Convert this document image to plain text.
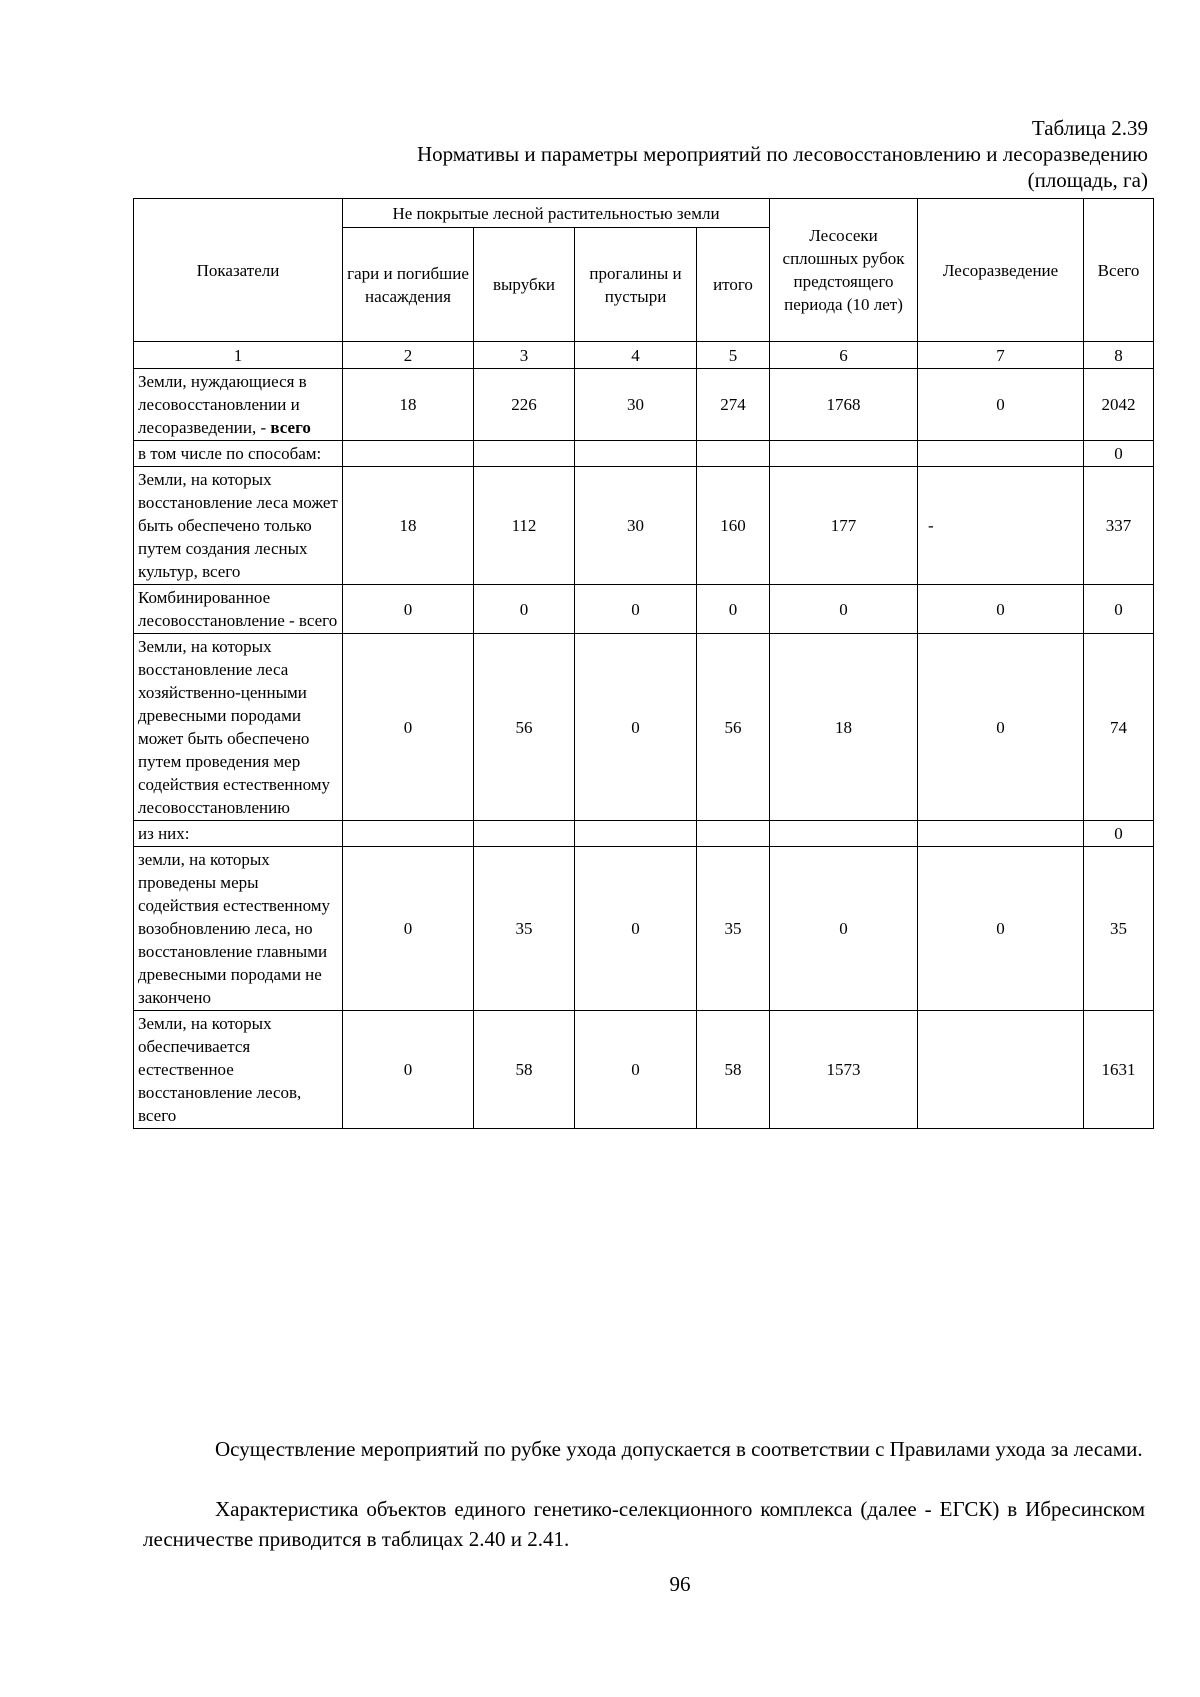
Таблица 2.39
Нормативы и параметры мероприятий по лесовосстановлению и лесоразведению
(площадь, га)
Показатели	Не покрытые лесной растительностью земли				Лесосеки сплошных рубок предстоящего периода (10 лет)	Лесоразведение	Всего
	гари и погибшие насаждения	вырубки	прогалины и пустыри	итого			
1	2	3	4	5	6	7	8
Земли, нуждающиеся в лесовосстановлении и лесоразведении, - всего	18	226	30	274	1768	0	2042
в том числе по способам:							0
Земли, на которых восстановление леса может быть обеспечено только путем создания лесных культур, всего	18	112	30	160	177	-	337
Комбинированное лесовосстановление - всего	0	0	0	0	0	0	0
Земли, на которых восстановление леса хозяйственно-ценными древесными породами может быть обеспечено путем проведения мер содействия естественному лесовосстановлению	0	56	0	56	18	0	74
из них:							0
земли, на которых проведены меры содействия естественному возобновлению леса, но восстановление главными древесными породами не закончено	0	35	0	35	0	0	35
Земли, на которых обеспечивается естественное восстановление лесов, всего	0	58	0	58	1573		1631
Осуществление мероприятий по рубке ухода допускается в соответствии с Правилами ухода за лесами.
Характеристика объектов единого генетико-селекционного комплекса (далее - ЕГСК) в Ибресинском лесничестве приводится в таблицах 2.40 и 2.41.
96
